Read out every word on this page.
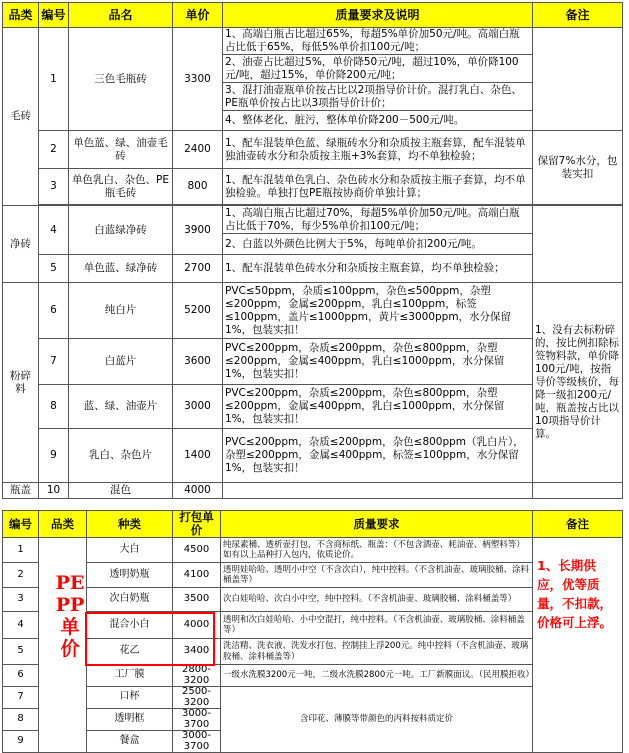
品类	编号	品名	单价	质量要求及说明	备注
毛砖	1	三色毛瓶砖	3300	1、高端白瓶占比超过65%，每超5%单价加50元/吨。高端白瓶占比低于65%，每低5%单价扣100元/吨；	
				2、油壶占比超过5%，单价降50元/吨，超过10%，单价降100元/吨，超过15%，单价降200元/吨；	
				3、混打油壶瓶单价按占比以2项指导价计价。混打乳白、杂色、PE瓶单价按占比以3项指导价计价；	
				4、整体老化、脏污，整体单价降200－500元/吨。	
	2	单色蓝、绿、油壶毛砖	2400	1、配车混装单色蓝、绿瓶砖水分和杂质按主瓶套算，配车混装单独油壶砖水分和杂质按主瓶+3%套算，均不单独检验；	保留7%水分，包装实扣
	3	单色乳白、杂色、PE瓶毛砖	800	1、配车混装单色乳白、杂色砖水分和杂质按主瓶子套算，均不单独检验。单独打包PE瓶按协商价单独计算；	

净砖	4	白蓝绿净砖	3900	1、高端白瓶占比超过70%，每超5%单价加50元/吨。高端白瓶占比低于70%，每少5%单价扣100元/吨；	
				2、白蓝以外颜色比例大于5%，每吨单价扣200元/吨。	
	5	单色蓝、绿净砖	2700	1、配车混装单色砖水分和杂质按主瓶套算，均不单独检验；	
粉碎料	6	纯白片	5200	PVC≤50ppm，杂质≤100ppm，杂色≤500ppm，杂塑≤200ppm，金属≤200ppm，乳白≤100ppm，标签≤100ppm，盖片≤1000ppm，黄片≤3000ppm，水分保留1%，包装实扣！	1、没有去标粉碎的，按比例扣除标签物料款，单价降100元/吨，按指导价等级核价，每降一级扣200元/吨，瓶盖按占比以10项指导价计算。
	7	白蓝片	3600	PVC≤200ppm，杂质≤200ppm，杂色≤800ppm，杂塑≤200ppm，金属≤400ppm，乳白≤1000ppm，水分保留1%，包装实扣！	
	8	蓝、绿、油壶片	3000	PVC≤200ppm，杂质≤200ppm，杂色≤800ppm，杂塑≤200ppm，金属≤400ppm，乳白≤1000ppm，水分保留1%，包装实扣！	
	9	乳白、杂色片	1400	PVC≤200ppm，杂质≤200ppm，杂色≤800ppm（乳白片），杂塑≤200ppm，金属≤400ppm，标签≤100ppm，水分保留1%，包装实扣！	
瓶盖	10	混色	4000		
编号	品类	种类	打包单价	质量要求	备注
1		大白	4500	纯尿素桶、透析壶打包，不含商标纸、瓶盖：（不包含酒壶、耗油壶、柄塑料等）如有以上品种打入包内，依质论价。	
2		透明奶瓶	4100	透明娃哈哈、透明小中空（不含次白），纯中控料。（不含机油壶、玻璃胶桶、涂料桶盖等）	
3		次白奶瓶	3500	次白娃哈哈、次白小中空，纯中控料。（不含机油壶、玻璃胶桶、涂料桶盖等）	
4		混合小白	4000	透明和次白娃哈哈、小中空混打，纯中控料。（不含机油壶、玻璃胶桶、涂料桶盖等）	
5		花乙	3400	洗洁精、洗衣液、洗发水打包，控制挂上浮200元。纯中控料（不含机油壶、玻璃胶桶、涂料桶盖等）	
6		工厂膜	2800-3200	一级水洗膜3200元一吨，二级水洗膜2800元一吨。工厂新膜面议。（民用膜拒收）	
7		口杯	2500-3200	含印花、薄膜等带颜色的丙料按料质定价	
8		透明框	3000-3700		
9		餐盒	3000-3700		
PE PP 单价
1、长期供应，优等质量，不扣款，价格可上浮。
